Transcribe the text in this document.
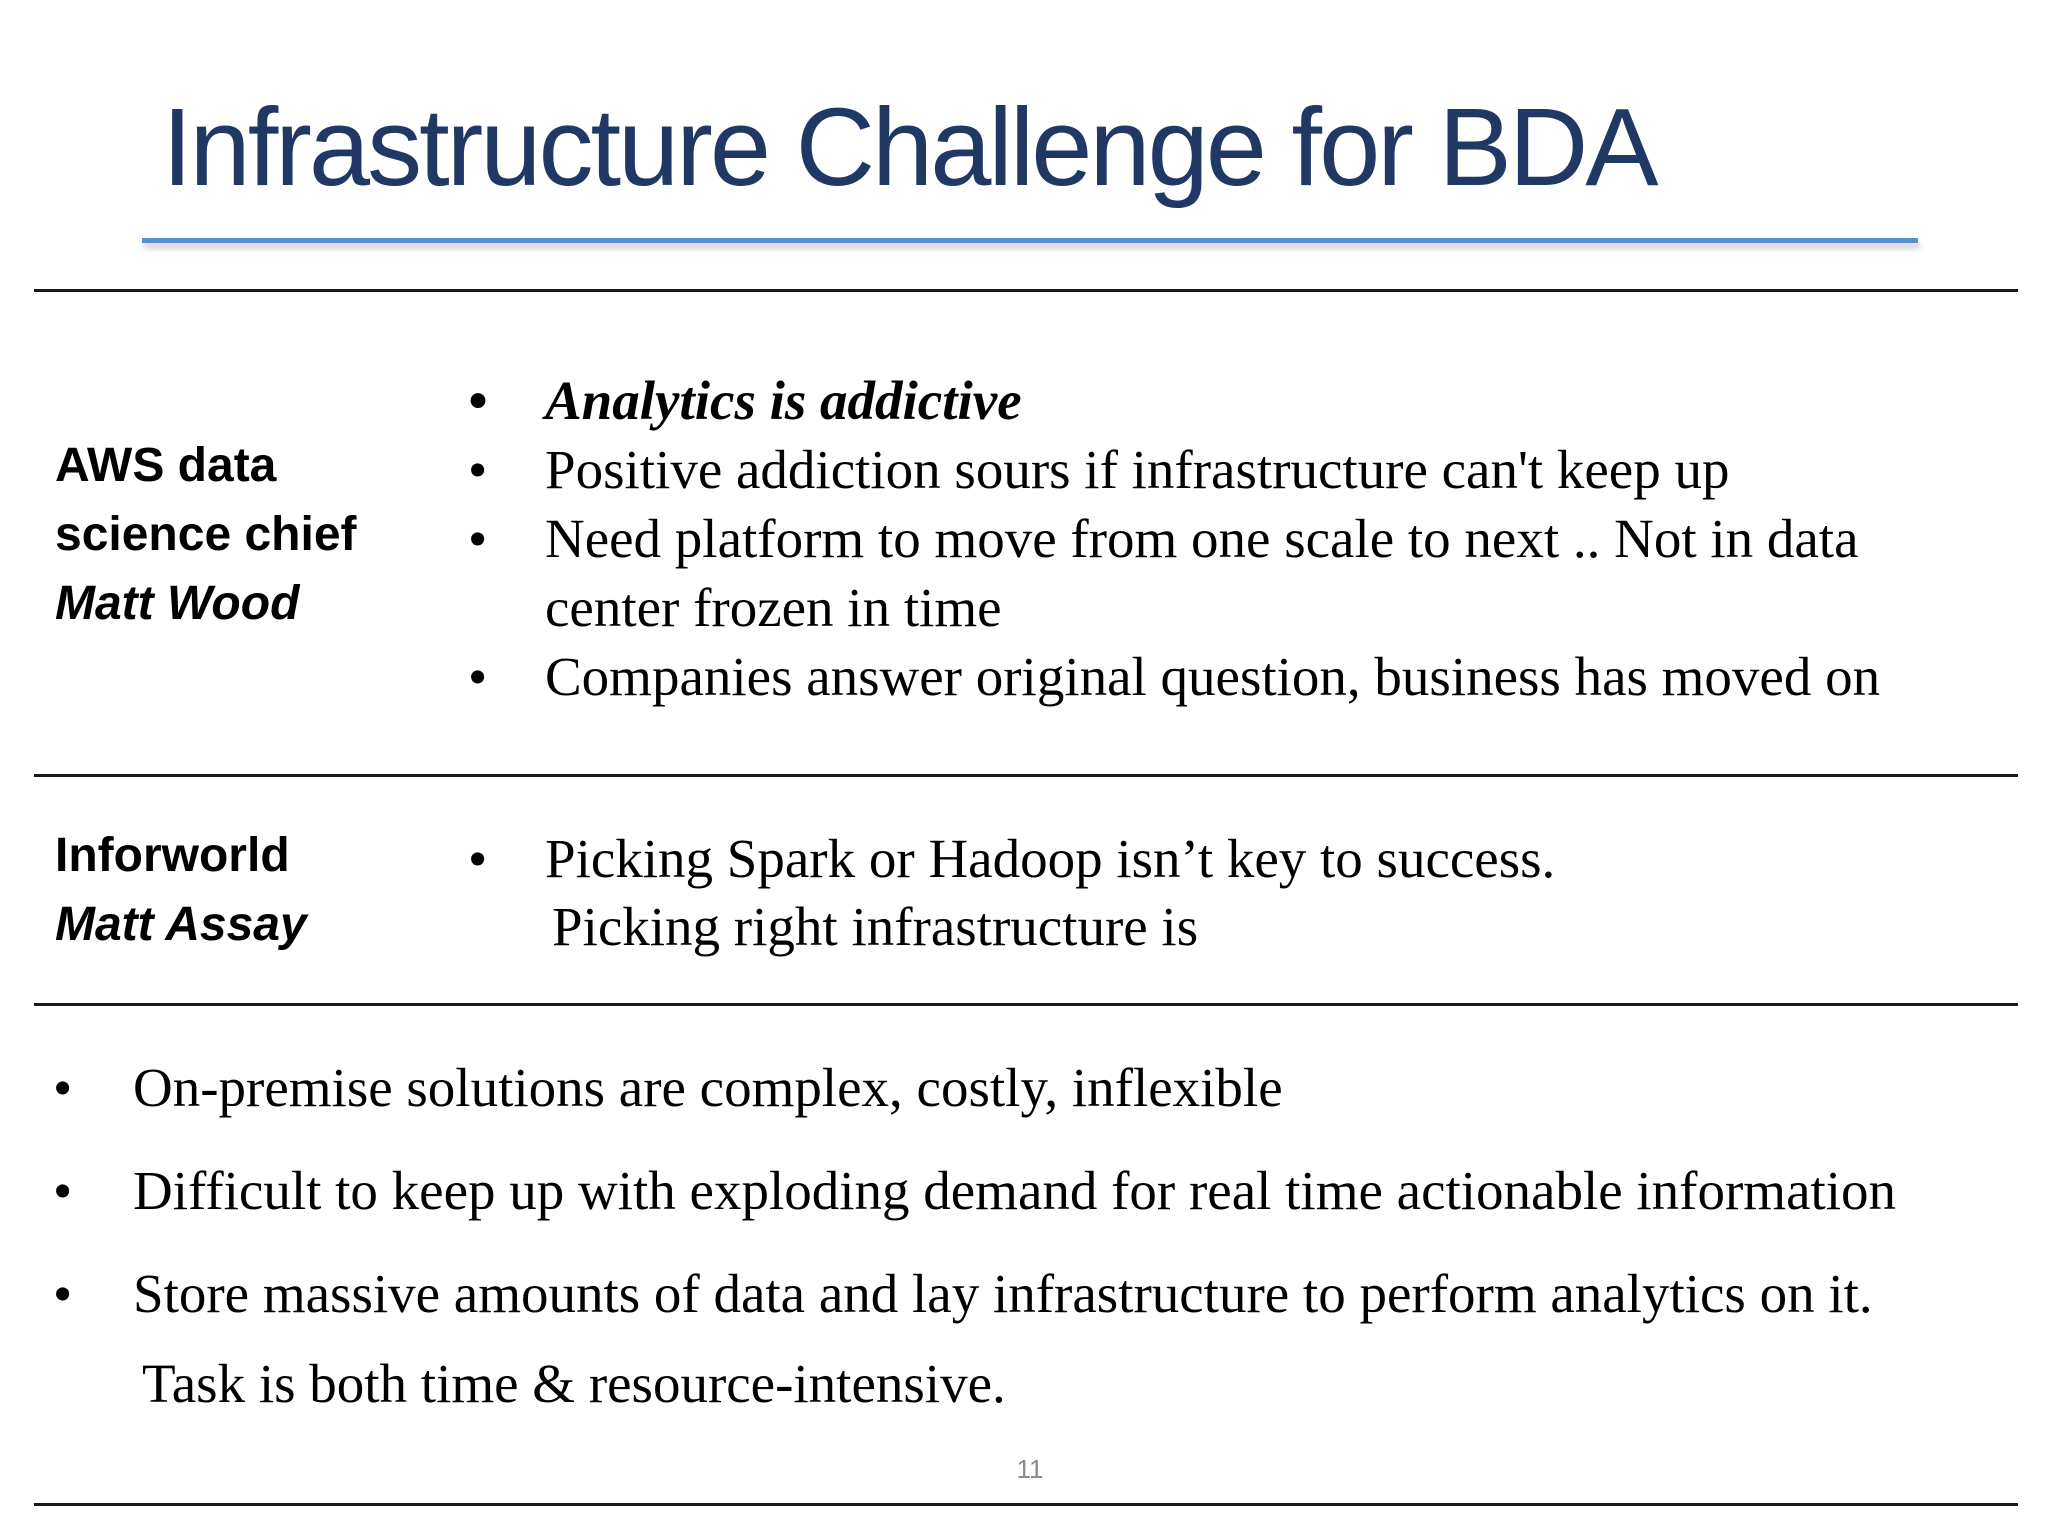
Infrastructure Challenge for BDA
AWS data
science chief
Matt Wood
• Analytics is addictive
• Positive addiction sours if infrastructure can't keep up
• Need platform to move from one scale to next .. Not in data
center frozen in time
• Companies answer original question, business has moved on
Inforworld
Matt Assay
• Picking Spark or Hadoop isn’t key to success.
Picking right infrastructure is
• On-premise solutions are complex, costly, inflexible
• Difficult to keep up with exploding demand for real time actionable information
• Store massive amounts of data and lay infrastructure to perform analytics on it.
Task is both time & resource-intensive.
11
